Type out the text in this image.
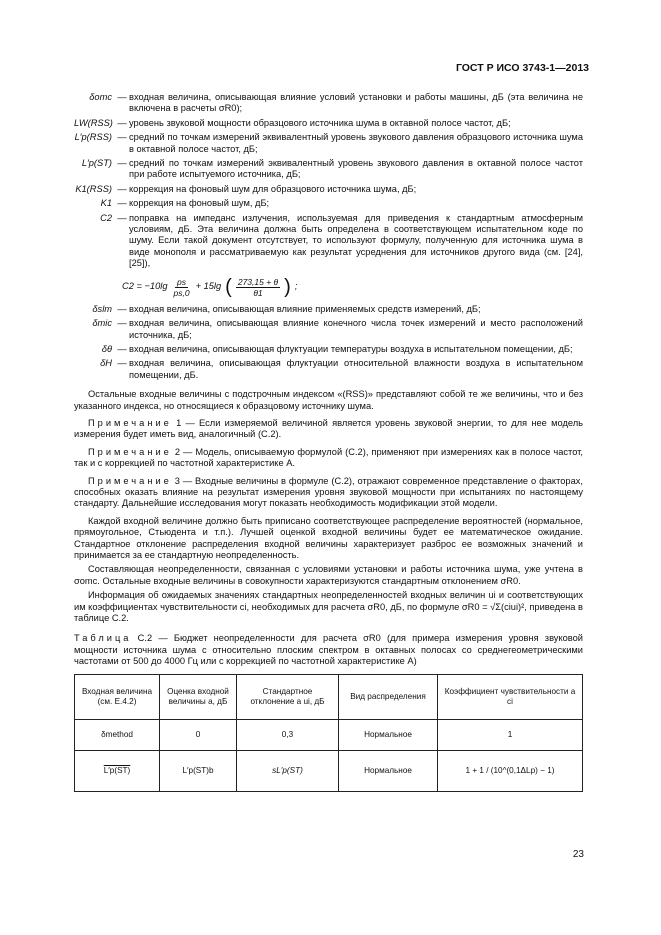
ГОСТ Р ИСО 3743-1—2013
δomc — входная величина, описывающая влияние условий установки и работы машины, дБ (эта величина не включена в расчеты σR0);
LW(RSS) — уровень звуковой мощности образцового источника шума в октавной полосе частот, дБ;
L′p(RSS) — средний по точкам измерений эквивалентный уровень звукового давления образцового источника шума в октавной полосе частот, дБ;
L′p(ST) — средний по точкам измерений эквивалентный уровень звукового давления в октавной полосе частот при работе испытуемого источника, дБ;
K1(RSS) — коррекция на фоновый шум для образцового источника шума, дБ;
K1 — коррекция на фоновый шум, дБ;
C2 — поправка на импеданс излучения, используемая для приведения к стандартным атмосферным условиям, дБ. Эта величина должна быть определена в соответствующем испытательном коде по шуму. Если такой документ отсутствует, то используют формулу, полученную для источника шума в виде монополя и рассматриваемую как результат усреднения для источников другого вида (см. [24], [25]),
$C2 = -10\lg \frac{ps}{ps,0} + 15\lg$ ( $\frac{273,15 + \theta}{\theta 1}$ ) ;
δslm — входная величина, описывающая влияние применяемых средств измерений, дБ;
δmic — входная величина, описывающая влияние конечного числа точек измерений и место расположений источника, дБ;
δθ — входная величина, описывающая флуктуации температуры воздуха в испытательном помещении, дБ;
δH — входная величина, описывающая флуктуации относительной влажности воздуха в испытательном помещении, дБ.
Остальные входные величины с подстрочным индексом «(RSS)» представляют собой те же величины, что и без указанного индекса, но относящиеся к образцовому источнику шума.
Примечание 1 — Если измеряемой величиной является уровень звуковой энергии, то для нее модель измерения будет иметь вид, аналогичный (С.2).
Примечание 2 — Модель, описываемую формулой (С.2), применяют при измерениях как в полосе частот, так и с коррекцией по частотной характеристике А.
Примечание 3 — Входные величины в формуле (С.2), отражают современное представление о факторах, способных оказать влияние на результат измерения уровня звуковой мощности при испытаниях по настоящему стандарту. Дальнейшие исследования могут показать необходимость модификации этой модели.
Каждой входной величине должно быть приписано соответствующее распределение вероятностей (нормальное, прямоугольное, Стьюдента и т.п.). Лучшей оценкой входной величины будет ее математическое ожидание. Стандартное отклонение распределения входной величины характеризует разброс ее возможных значений и принимается за ее стандартную неопределенность.
Составляющая неопределенности, связанная с условиями установки и работы источника шума, уже учтена в σomc. Остальные входные величины в совокупности характеризуются стандартным отклонением σR0.
Информация об ожидаемых значениях стандартных неопределенностей входных величин ui и соответствующих им коэффициентах чувствительности ci, необходимых для расчета σR0, дБ, по формуле σR0 = √Σ(ciui)², приведена в таблице С.2.
Таблица С.2 — Бюджет неопределенности для расчета σR0 (для примера измерения уровня звуковой мощности источника шума с относительно плоским спектром в октавных полосах со среднегеометрическими частотами от 500 до 4000 Гц или с коррекцией по частотной характеристике А)
Входная величина (см. Е.4.2)	Оценка входной величины a, дБ	Стандартное отклонение a ui, дБ	Вид распределения	Коэффициент чувствительности a ci
δmethod	0	0,3	Нормальное	1
L′p(ST)	L′p(ST)b	sL′p(ST)	Нормальное	1 + 1 / (10^(0,1ΔLp) − 1)
23
